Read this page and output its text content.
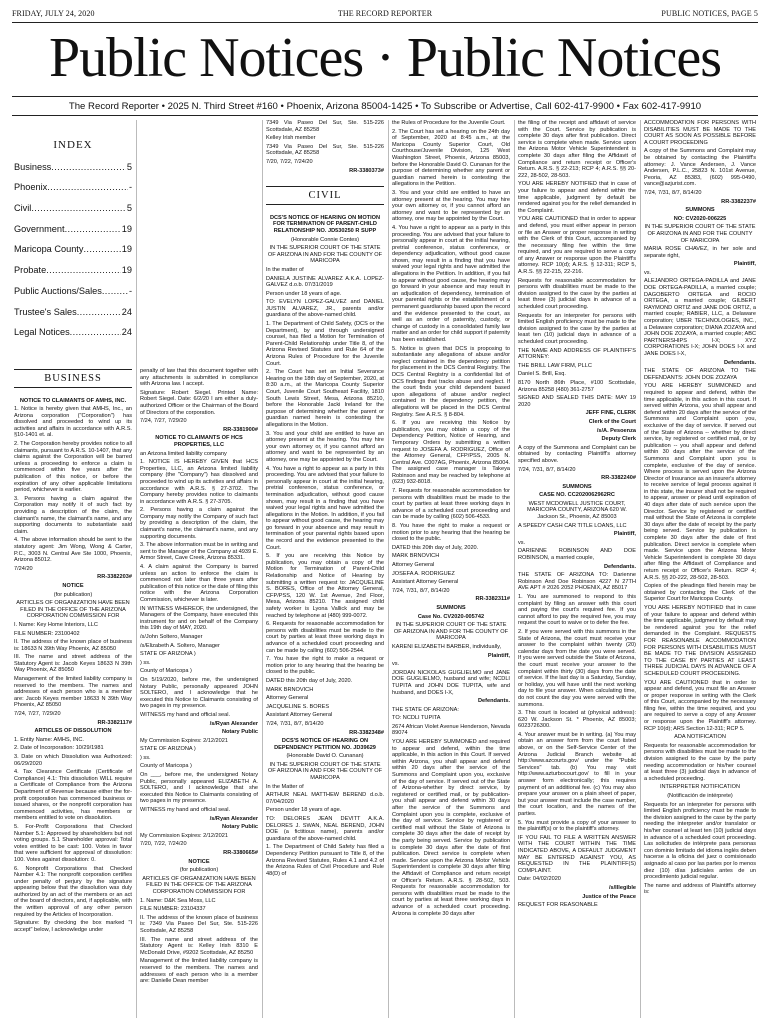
FRIDAY, JULY 24, 2020	THE RECORD REPORTER	PUBLIC NOTICES, PAGE 5
Public Notices · Public Notices
The Record Reporter • 2025 N. Third Street #160 • Phoenix, Arizona 85004-1425 • To Subscribe or Advertise, Call 602-417-9900 • Fax 602-417-9910
INDEX
Business .....	5
Phoenix .....	-
Civil .....	5
Government .....	19
Maricopa County .....	19
Probate .....	19
Public Auctions/Sales .....	-
Trustee's Sales .....	24
Legal Notices .....	24
BUSINESS

NOTICE TO CLAIMANTS OF AMHS, INC.

1. Notice is hereby given that AMHS, Inc., an Arizona corporation ("Corporation") has dissolved and proceeded to wind up its activities and affairs in accordance with A.R.S. §10-1401 et. al.

2. The Corporation hereby provides notice to all claimants, pursuant to A.R.S. 10-1407, that any claims against the Corporation will be barred unless a proceeding to enforce a claim is commenced within five years after the publication of this notice, or before the expiration of any other applicable limitations period, whichever is earlier.

3. Persons having a claim against the Corporation may notify it of such fact by providing a description of the claim, the claimant's name, the claimant's name, and any supporting documents to substantiate said claim.

4. The above information should be sent to the statutory agent: Jim Wong, Wong & Carter, P.C., 3003 N. Central Ave Ste 1000, Phoenix, Arizona 85012.

7/24/20

RR-3382203#

NOTICE

(for publication)

ARTICLES OF ORGANIZATION HAVE BEEN FILED IN THE OFFICE OF THE ARIZONA CORPORATION COMMISSION FOR

I. Name: Key Home Interiors, LLC

FILE NUMBER: 23100402

II. The address of the known place of business is: 18633 N 39th Way Phoenix, AZ 85050

III. The name and street address of the Statutory Agent is: Jacob Keyes 18633 N 39th Way Phoenix, AZ 85050

Management of the limited liability company is reserved to the members. The names and addresses of each person who is a member are: Jacob Keyes member 18633 N 39th Way Phoenix, AZ 85050

7/24, 7/27, 7/29/20

RR-3382117#

ARTICLES OF DISSOLUTION

1. Entity Name: AMHS, INC.

2. Date of Incorporation: 10/29/1981

3. Date on which Dissolution was Authorized: 06/29/2020

4. Tax Clearance Certificate (Certificate of Compliance) 4.1: This dissolution WILL require a Certificate of Compliance from the Arizona Department of Revenue because either the for-profit corporation has commenced business or issued shares, or the nonprofit corporation has commenced activities, has members or members entitled to vote on dissolution.

5. For-Profit Corporations that Checked Number 5.1: Approved by shareholders but not voting groups. 5.1 Shareholder approval: Total votes entitled to be cast: 100. Votes in favor that were sufficient for approval of dissolution: 100. Votes against dissolution: 0.

6. Nonprofit Corporations that Checked Number 4.1: The nonprofit corporation certifies under penalty of perjury by the signature appearing below that the dissolution was duly authorized by an act of the members or an act of the board of directors, and, if applicable, with the written approval of any other person required by the Articles of Incorporation.

Signature: By checking the box marked "I accept" below, I acknowledge under

penalty of law that this document together with any attachments is submitted in compliance with Arizona law. I accept.

Signature: Robert Siegel. Printed Name: Robert Siegel. Date: 6/2/20 I am either a duly-authorized Officer or the Chairman of the Board of Directors of the corporation.

7/24, 7/27, 7/29/20

RR-3381900#

NOTICE TO CLAIMANTS OF HCS PROPERTIES, LLC

an Arizona limited liability company

1. NOTICE IS HEREBY GIVEN that HCS Properties, LLC, an Arizona limited liability company (the "Company") has dissolved and proceeded to wind up its activities and affairs in accordance with A.R.S. § 27-3702. The Company hereby provides notice to claimants in accordance with A.R.S. § 27-3705.

2. Persons having a claim against the Company may notify the Company of such fact by providing a description of the claim, the claimant's name, the claimant's name, and any supporting documents.

3. The above information must be in writing and sent to the Manager of the Company at 4939 E. Armor Street, Cave Creek, Arizona 85331.

4. A claim against the Company is barred unless an action to enforce the claim is commenced not later than three years after publication of this notice or the date of filing this notice with the Arizona Corporation Commission, whichever is later.

IN WITNESS WHEREOF, the undersigned, the Managers of the Company, have executed this instrument for and on behalf of the Company this 19th day of MAY, 2020.

/s/John Soltero, Manager

/s/Elizabeth A. Soltero, Manager

STATE OF ARIZONA )

) ss.

County of Maricopa )

On 5/19/2020, before me, the undersigned Notary Public, personally appeared JOHN SOLTERO, and I acknowledge that he executed this Notice to Claimants consisting of two pages in my presence.

WITNESS my hand and official seal.

/s/Ryan Alexander

Notary Public

My Commission Expires: 2/12/2021

STATE OF ARIZONA )

) ss.

County of Maricopa )

On ___, before me, the undersigned Notary Public, personally appeared ELIZABETH A. SOLTERO, and I acknowledge that she executed this Notice to Claimants consisting of two pages in my presence.

WITNESS my hand and official seal.

/s/Ryan Alexander

Notary Public

My Commission Expires: 2/12/2021

7/20, 7/22, 7/24/20

RR-3380665#

NOTICE

(for publication)

ARTICLES OF ORGANIZATION HAVE BEEN FILED IN THE OFFICE OF THE ARIZONA CORPORATION COMMISSION FOR

1. Name: D&K Sea Moss, LLC

FILE NUMBER: 23104337

II. The address of the known place of business is: 7349 Via Paseo Del Sur, Ste. 515-226 Scottsdale, AZ 85258

III. The name and street address of the Statutory Agent is: Kelley Irish 8310 E McDonald Drive, #9202 Scottsdale, AZ 85250

Management of the limited liability company is reserved to the members. The names and addresses of each person who is a member are: Danielle Dean member

7349 Via Paseo Del Sur, Ste. 515-226 Scottsdale, AZ 85258

Kelley Irish member

7349 Via Paseo Del Sur, Ste. 515-226 Scottsdale, AZ 85258

7/20, 7/22, 7/24/20

RR-3380373#

CIVIL

DCS'S NOTICE OF HEARING ON MOTION FOR TERMINATION OF PARENT-CHILD RELATIONSHIP NO. JD530250 R SUPP

(Honorable Connie Contes)

IN THE SUPERIOR COURT OF THE STATE OF ARIZONA IN AND FOR THE COUNTY OF MARICOPA

In the matter of

DANIELA JUSTINE ALVAREZ A.K.A. LOPEZ-GALVEZ d.o.b. 07/31/2019

Person under 18 years of age.

TO: EVELYN LOPEZ-GALVEZ and DANIEL JUSTIN ALVAREZ, JR., parents and/or guardians of the above-named child.

1. The Department of Child Safety, (DCS or the Department), by and through undersigned counsel, has filed a Motion for Termination of Parent-Child Relationship under Title 8, of the Arizona Revised Statutes and Rule 64 of the Arizona Rules of Procedure for the Juvenile Court.

2. The Court has set an Initial Severance Hearing on the 18th day of September, 2020, at 8:30 a.m., at the Maricopa County Superior Court, Juvenile Court Southeast Facility, 1810 South Lewis Street, Mesa, Arizona 85210, before the Honorable Jacki Ireland for the purpose of determining whether the parent or guardian named herein is contesting the allegations in the Motion.

3. You and your child are entitled to have an attorney present at the hearing. You may hire your own attorney or, if you cannot afford an attorney and want to be represented by an attorney, one may be appointed by the Court.

4. You have a right to appear as a party in this proceeding. You are advised that your failure to personally appear in court at the initial hearing, pretrial conference, status conference, or termination adjudication, without good cause shown, may result in a finding that you have waived your legal rights and have admitted the allegations in the Motion. In addition, if you fail to appear without good cause, the hearing may go forward in your absence and may result in termination of your parental rights based upon the record and the evidence presented to the Court.

5. If you are receiving this Notice by publication, you may obtain a copy of the Motion for Termination of Parent-Child Relationship and Notice of Hearing by submitting a written request to: JACQUELINE S. BORES, Office of the Attorney General, CFP/PSS, 120 W. 1st Avenue, 2nd Floor, Mesa, Arizona 85210. The assigned child safety worker is Lyona Vallick and may be reached by telephone at (480) 999-0072.

6. Requests for reasonable accommodation for persons with disabilities must be made to the court by parties at least three working days in advance of a scheduled court proceeding and can be made by calling (602) 506-2544.

7. You have the right to make a request or motion prior to any hearing that the hearing be closed to the public.

DATED this 20th day of July, 2020.

MARK BRNOVICH

Attorney General

JACQUELINE S. BORES

Assistant Attorney General

7/24, 7/31, 8/7, 8/14/20

RR-3382348#

DCS'S NOTICE OF HEARING ON DEPENDENCY PETITION NO. JD39629

(Honorable David O. Cunanan)

IN THE SUPERIOR COURT OF THE STATE OF ARIZONA IN AND FOR THE COUNTY OF MARICOPA

In the Matter of

ARTHUR NEAL MATTHEW BEREND d.o.b. 07/04/2020

Person under 18 years of age.

TO: DELORES JEAN DEVITT A.K.A. DELORES J. SWAN, NEAL BEREND, JOHN DOE (a fictitious name), parents and/or guardians of the above-named child.

1. The Department of Child Safety has filed a Dependency Petition pursuant to Title 8, of the Arizona Revised Statutes, Rules 4.1 and 4.2 of the Arizona Rules of Civil Procedure and Rule 48(D) of

the Rules of Procedure for the Juvenile Court.

2. The Court has set a hearing on the 24th day of September, 2020 at 8:45 a.m., at the Maricopa County Superior Court, Old Courthouse/Juvenile Division, 125 West Washington Street, Phoenix, Arizona 85003, before the Honorable David O. Cunanan for the purpose of determining whether any parent or guardian named herein is contesting the allegations in the Petition.

3. You and your child are entitled to have an attorney present at the hearing. You may hire your own attorney or, if you cannot afford an attorney and want to be represented by an attorney, one may be appointed by the Court.

4. You have a right to appear as a party in this proceeding. You are advised that your failure to personally appear in court at the initial hearing, pretrial conference, status conference, or dependency adjudication, without good cause shown, may result in a finding that you have waived your legal rights and have admitted the allegations in the Petition. In addition, if you fail to appear without good cause, the hearing may go forward in your absence and may result in an adjudication of dependency, termination of your parental rights or the establishment of a permanent guardianship based upon the record and the evidence presented to the court, as well as an order of paternity, custody, or change of custody in a consolidated family law matter and an order for child support if paternity has been established.

5. Notice is given that DCS is proposing to substantiate any allegations of abuse and/or neglect contained in the dependency petition for placement in the DCS Central Registry. The DCS Central Registry is a confidential list of DCS findings that tracks abuse and neglect. If the court finds your child dependent based upon allegations of abuse and/or neglect contained in the dependency petition, the allegations will be placed in the DCS Central Registry. See A.R.S. § 8-804.

6. If you are receiving this Notice by publication, you may obtain a copy of the Dependency Petition, Notice of Hearing, and Temporary Orders by submitting a written request to JOSEFA A. RODRIGUEZ, Office of the Attorney General, CFP/PSS, 2005 N. Central Ave. C007AG, Phoenix, Arizona 85004. The assigned case manager is Takeya Robinson and may be reached by telephone at (623) 932-8018.

7. Requests for reasonable accommodation for persons with disabilities must be made to the court by parties at least three working days in advance of a scheduled court proceeding and can be made by calling (602) 506-4533.

8. You have the right to make a request or motion prior to any hearing that the hearing be closed to the public.

DATED this 20th day of July, 2020.

MARK BRNOVICH

Attorney General

JOSEFA A. RODRIGUEZ

Assistant Attorney General

7/24, 7/31, 8/7, 8/14/20

RR-3382311#

SUMMONS

Case No. CV2020-005742

IN THE SUPERIOR COURT OF THE STATE OF ARIZONA IN AND FOR THE COUNTY OF MARICOPA

KARENI ELIZABETH BARBER, individually,

Plaintiff,

vs.

JORDAN NICKOLAS GUGLIELMO and JANE DOE GUGLIELMO, husband and wife; NCDLI TUPITA and JOHN DOE TUPITA, wife and husband, and DOES I-X,

Defendants.

THE STATE OF ARIZONA:

TO: NCDLI TUPITA

2674 African Violet Avenue Henderson, Nevada 89074

YOU ARE HEREBY SUMMONED and required to appear and defend, within the time applicable, in this action in this Court. If served within Arizona, you shall appear and defend within 20 days after the service of the Summons and Complaint upon you, exclusive of the day of service. If served out of the State of Arizona-whether by direct service, by registered or certified mail, or by publication-you shall appear and defend within 30 days after the service of the Summons and Complaint upon you is complete, exclusive of the day of service. Service by registered or certified mail without the State of Arizona is complete 30 days after the date of receipt by the party being served. Service by publication is complete 30 days after the date of first publication. Direct service is complete when made. Service upon the Arizona Motor Vehicle Superintendent is complete 30 days after filing the Affidavit of Compliance and return receipt or Officer's Return. A.R.S. § 28-502, 503. Requests for reasonable accommodation for persons with disabilities must be made to the court by parties at least three working days in advance of a scheduled court proceeding. Arizona is complete 30 days after

the filing of the receipt and affidavit of service with the Court. Service by publication is complete 30 days after first publication. Direct service is complete when made. Service upon the Arizona Motor Vehicle Superintendent is complete 30 days after filing the Affidavit of Compliance and return receipt or Officer's Return. A.R.S. § 22-213; RCP 4; A.R.S. §§ 20-222, 28-502, 28-503.

YOU ARE HEREBY NOTIFIED that in case of your failure to appear and defend within the time applicable, judgment by default be rendered against you for the relief demanded in the Complaint.

YOU ARE CAUTIONED that in order to appear and defend, you must either appear in person or file an Answer or proper response in writing with the Clerk of this Court, accompanied by the necessary filing fee within the time required, and you are required to serve a copy of any Answer or response upon the Plaintiff's attorney. RCP 10(d); A.R.S. § 12-311; RCP 5, A.R.S. §§ 22-215, 22-216.

Requests for reasonable accommodation for persons with disabilities must be made to the division assigned to the case by the parties at least three (3) judicial days in advance of a scheduled court proceeding.

Requests for an interpreter for persons with limited English proficiency must be made to the division assigned to the case by the parties at least ten (10) judicial days in advance of a scheduled court proceeding.

THE NAME AND ADDRESS OF PLAINTIFF'S ATTORNEY:

THE BRILL LAW FIRM, PLLC

Daniel S. Brill, Esq.

8170 North 86th Place, #100 Scottsdale, Arizona 85258 (480) 361-2757

SIGNED AND SEALED THIS DATE: MAY 19 2020

JEFF FINE, CLERK

Clerk of the Court

/s/A. Pesoenza

Deputy Clerk

A copy of the Summons and Complaint can be obtained by contacting Plaintiff's attorney specified above.

7/24, 7/31, 8/7, 8/14/20

RR-3382240#

SUMMONS

CASE NO. CC2020062962RC

WEST MCDOWELL JUSTICE COURT, MARICOPA COUNTY, ARIZONA 620 W. Jackson St., Phoenix, AZ 85003

A SPEEDY CASH CAR TITLE LOANS, LLC

Plaintiff,

vs.

DARIENNE ROBINSON AND DOE ROBINSON, a married couple,

Defendants.

THE STATE OF ARIZONA TO: Darienne Robinson And Doe Robinson 4227 N 27TH AVE APT # 2026 2052 PHOENIX, AZ 85017

1. You are summoned to respond to this complaint by filing an answer with this court and paying the court's required fee. If you cannot afford to pay the required fee, you may request the court to waive or to defer the fee.

2. If you were served with this summons in the State of Arizona, the court must receive your answer to the complaint within twenty (20) calendar days from the date you were served. If you were served outside the State of Arizona, the court must receive your answer to the complaint within thirty (30) days from the date of service. If the last day is a Saturday, Sunday, or holiday, you will have until the next working day to file your answer. When calculating time, do not count the day you were served with the summons.

3. This court is located at (physical address): 620 W. Jackson St. * Phoenix, AZ 85003; 6023726300.

4. Your answer must be in writing. (a) You may obtain an answer form from the court listed above, or on the Self-Service Center of the Arizona Judicial Branch website at http://www.azcourts.gov/ under the "Public Services" tab. (b) You may visit http://www.azturbocourt.gov/ to fill in your answer form electronically; this requires payment of an additional fee. (c) You may also prepare your answer on a plain sheet of paper, but your answer must include the case number, the court location, and the names of the parties.

5. You must provide a copy of your answer to the plaintiff(s) or to the plaintiff's attorney.

IF YOU FAIL TO FILE A WRITTEN ANSWER WITH THE COURT WITHIN THE TIME INDICATED ABOVE, A DEFAULT JUDGMENT MAY BE ENTERED AGAINST YOU, AS REQUESTED IN THE PLAINTIFF(S) COMPLAINT.

Date: 04/02/2020

/s/Illegible

Justice of the Peace

REQUEST FOR REASONABLE

ACCOMMODATION FOR PERSONS WITH DISABILITIES MUST BE MADE TO THE COURT AS SOON AS POSSIBLE BEFORE A COURT PROCEEDING

A copy of the Summons and Complaint may be obtained by contacting the Plaintiff's attorney: J. Vance Andersen, J. Vance Andersen, P.L.C., 25823 N. 101st Avenue, Peoria, AZ 85383, (602) 995-0490, vance@azjurist.com.

7/24, 7/31, 8/7, 8/14/20

RR-3382237#

SUMMONS

NO: CV2020-006225

IN THE SUPERIOR COURT OF THE STATE OF ARIZONA IN AND FOR THE COUNTY OF MARICOPA

MARIA ROSE CHAVEZ, in her sole and separate right,

Plaintiff,

vs.

ALEJANDRO ORTEGA-PADILLA and JANE DOE ORTEGA-PADILLA, a married couple; DAGOBERTO ORTEGA and ROCIO ORTEGA, a married couple; GILBERT RAYMOND ORTIZ and JANE DOE ORTIZ, a married couple; RABIER, LLC, a Delaware corporation; UBER TECHNOLOGIES, INC., a Delaware corporation; DIANA ZOZAYA and JOHN DOE ZOZAYA, a married couple; ABC PARTNERSHIPS I-X; XYZ CORPORATIONS I-X; JOHN DOES I-X and JANE DOES I-X,

Defendants.

THE STATE OF ARIZONA TO THE DEFENDANTS: JOHN DOE ZOZAYA

YOU ARE HEREBY SUMMONED and required to appear and defend, within the time applicable, in this action in this court. If served within Arizona, you shall appear and defend within 20 days after the service of the Summons and Complaint upon you, exclusive of the day of service. If served out of the State of Arizona -- whether by direct service, by registered or certified mail, or by publication -- you shall appear and defend within 30 days after the service of the Summons and Complaint upon you is complete, exclusive of the day of service. Where process is served upon the Arizona Director of Insurance as an insurer's attorney to receive service of legal process against it in this state, the insurer shall not be required to appear, answer or plead until expiration of 40 days after date of such service upon the Director. Service by registered or certified mail without the State of Arizona is complete 30 days after the date of receipt by the party being served. Service by publication is complete 30 days after the date of first publication. Direct service is complete when made. Service upon the Arizona Motor Vehicle Superintendent is complete 30 days after filing the Affidavit of Compliance and return receipt or Officer's Return. RCP 4; A.R.S. §§ 20-222, 28-502, 28-503.

Copies of the pleadings filed herein may be obtained by contacting the Clerk of the Superior Court for Maricopa County.

YOU ARE HEREBY NOTIFIED that in case of your failure to appear and defend within the time applicable, judgment by default may be rendered against you for the relief demanded in the Complaint. REQUESTS FOR REASONABLE ACCOMMODATION FOR PERSONS WITH DISABILITIES MUST BE MADE TO THE DIVISION ASSIGNED TO THE CASE BY PARTIES AT LEAST THREE JUDICIAL DAYS IN ADVANCE OF A SCHEDULED COURT PROCEEDING.

YOU ARE CAUTIONED that in order to appear and defend, you must file an Answer or proper response in writing with the Clerk of this Court, accompanied by the necessary filing fee, within the time required, and you are required to serve a copy of any Answer or response upon the Plaintiff's attorney. RCP 10(d); ARS Section 12-311; RCP 5.

ADA NOTIFICATION

Requests for reasonable accommodation for persons with disabilities must be made to the division assigned to the case by the party needing accommodation or his/her counsel at least three (3) judicial days in advance of a scheduled proceeding.

INTERPRETER NOTIFICATION

(Notificación de intérprete)

Requests for an interpreter for persons with limited English proficiency must be made to the division assigned to the case by the party needing the interpreter and/or translator or his/her counsel at least ten (10) judicial days in advance of a scheduled court proceeding. Las solicitudes de intérprete para personas con dominio limitado del idioma inglés deben hacerse a la oficina del juez o comisionado asignado al caso por las partes por lo menos diez (10) días judiciales antes de un procedimiento judicial regular.

The name and address of Plaintiff's attorney is:
